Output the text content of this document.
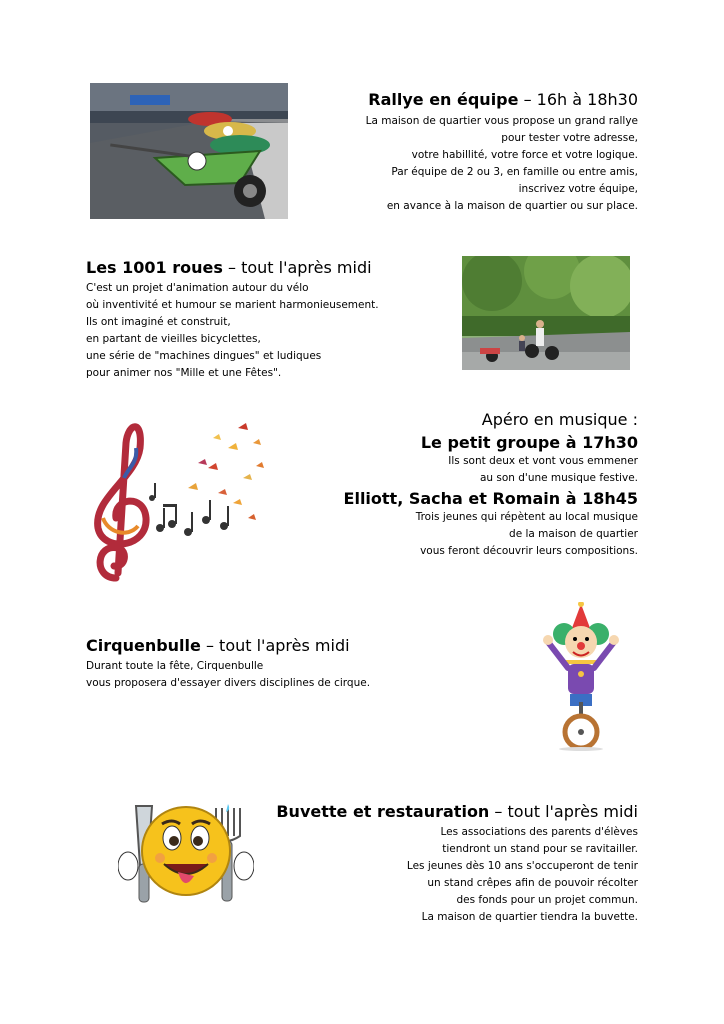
Rallye en équipe – 16h à 18h30
La maison de quartier vous propose un grand rallye
pour tester votre adresse,
votre habillité, votre force et votre logique.
Par équipe de 2 ou 3, en famille ou entre amis,
inscrivez votre équipe,
en avance à la maison de quartier ou sur place.
Les 1001 roues – tout l'après midi
C'est un projet d'animation autour du vélo
où inventivité et humour se marient harmonieusement.
Ils ont imaginé et construit,
en partant de vieilles bicyclettes,
une série de "machines dingues" et ludiques
pour animer nos "Mille et une Fêtes".
Apéro en musique :
Le petit groupe à 17h30
Ils sont deux et vont vous emmener
au son d'une musique festive.
Elliott, Sacha et Romain à 18h45
Trois jeunes qui répètent au local musique
de la maison de quartier
vous feront découvrir leurs compositions.
Cirquenbulle – tout l'après midi
Durant toute la fête, Cirquenbulle
vous proposera d'essayer divers disciplines de cirque.
Buvette et restauration – tout l'après midi
Les associations des parents d'élèves
tiendront un stand pour se ravitailler.
Les jeunes dès 10 ans s'occuperont de tenir
un stand crêpes afin de pouvoir récolter
des fonds pour un projet commun.
La maison de quartier tiendra la buvette.
